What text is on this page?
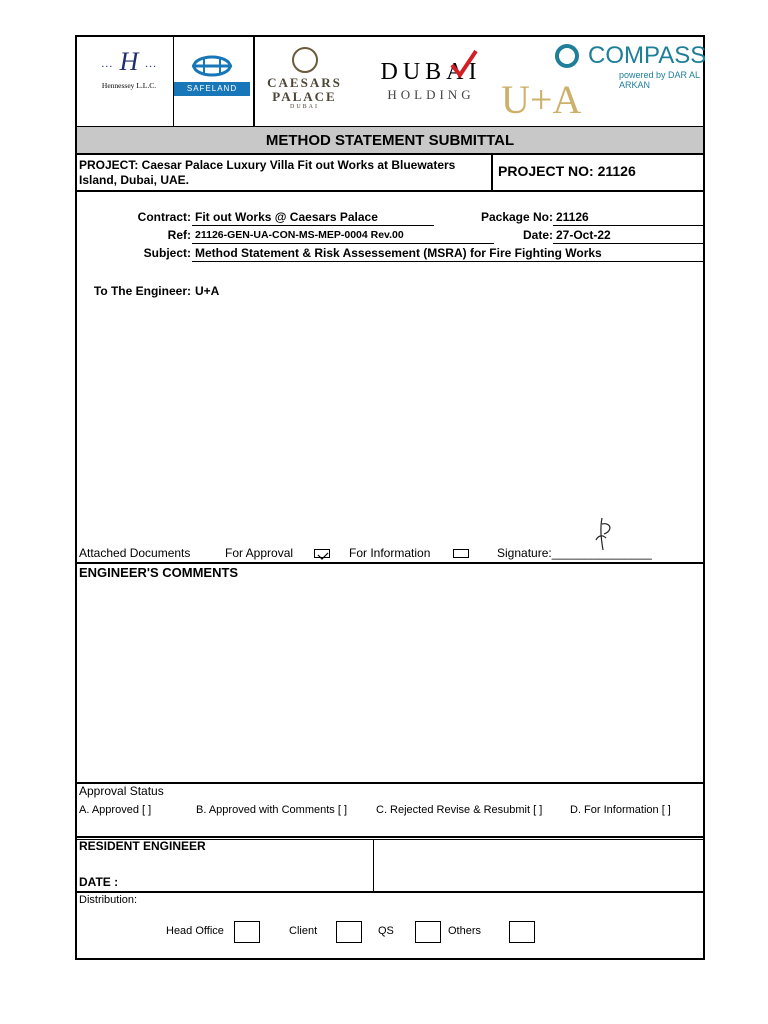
··· H ···
Hennessey L.L.C.	SAFELAND	CAESARS
PALACE
DUBAI
DUBAI
HOLDING U+A
COMPASS
powered by DAR AL ARKAN
METHOD STATEMENT SUBMITTAL
PROJECT: Caesar Palace Luxury Villa Fit out Works at Bluewaters Island, Dubai, UAE.
PROJECT NO: 21126
Contract: Fit out Works @ Caesars Palace	Package No: 21126
Ref: 21126-GEN-UA-CON-MS-MEP-0004 Rev.00	Date: 27-Oct-22
Subject: Method Statement & Risk Assessement (MSRA) for Fire Fighting Works
To The Engineer: U+A
Attached Documents	For Approval	For Information	Signature:_______________
ENGINEER'S COMMENTS
Approval Status
A. Approved [ ]	B. Approved with Comments [ ]	C. Rejected Revise & Resubmit [ ]	D. For Information [ ]
RESIDENT ENGINEER
DATE :
Distribution:
Head Office	Client	QS	Others
